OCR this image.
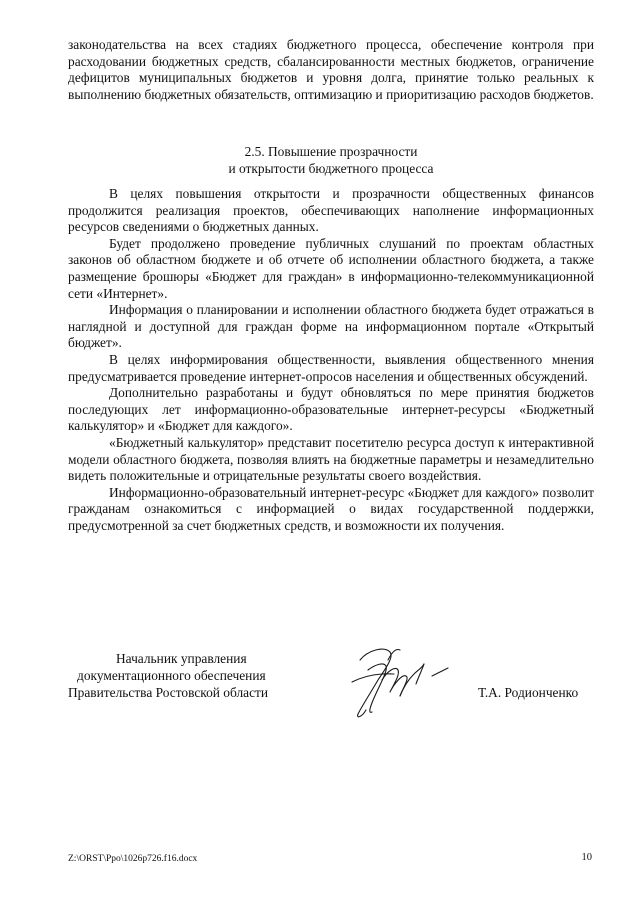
законодательства на всех стадиях бюджетного процесса, обеспечение контроля при расходовании бюджетных средств, сбалансированности местных бюджетов, ограничение дефицитов муниципальных бюджетов и уровня долга, принятие только реальных к выполнению бюджетных обязательств, оптимизацию и приоритизацию расходов бюджетов.

2.5. Повышение прозрачности
и открытости бюджетного процесса

В целях повышения открытости и прозрачности общественных финансов продолжится реализация проектов, обеспечивающих наполнение информационных ресурсов сведениями о бюджетных данных.

Будет продолжено проведение публичных слушаний по проектам областных законов об областном бюджете и об отчете об исполнении областного бюджета, а также размещение брошюры «Бюджет для граждан» в информационно-телекоммуникационной сети «Интернет».

Информация о планировании и исполнении областного бюджета будет отражаться в наглядной и доступной для граждан форме на информационном портале «Открытый бюджет».

В целях информирования общественности, выявления общественного мнения предусматривается проведение интернет-опросов населения и общественных обсуждений.

Дополнительно разработаны и будут обновляться по мере принятия бюджетов последующих лет информационно-образовательные интернет-ресурсы «Бюджетный калькулятор» и «Бюджет для каждого».

«Бюджетный калькулятор» представит посетителю ресурса доступ к интерактивной модели областного бюджета, позволяя влиять на бюджетные параметры и незамедлительно видеть положительные и отрицательные результаты своего воздействия.

Информационно-образовательный интернет-ресурс «Бюджет для каждого» позволит гражданам ознакомиться с информацией о видах государственной поддержки, предусмотренной за счет бюджетных средств, и возможности их получения.

Начальник управления
документационного обеспечения
Правительства Ростовской области	Т.А. Родионченко
Z:\ORST\Ppo\1026p726.f16.docx	10
